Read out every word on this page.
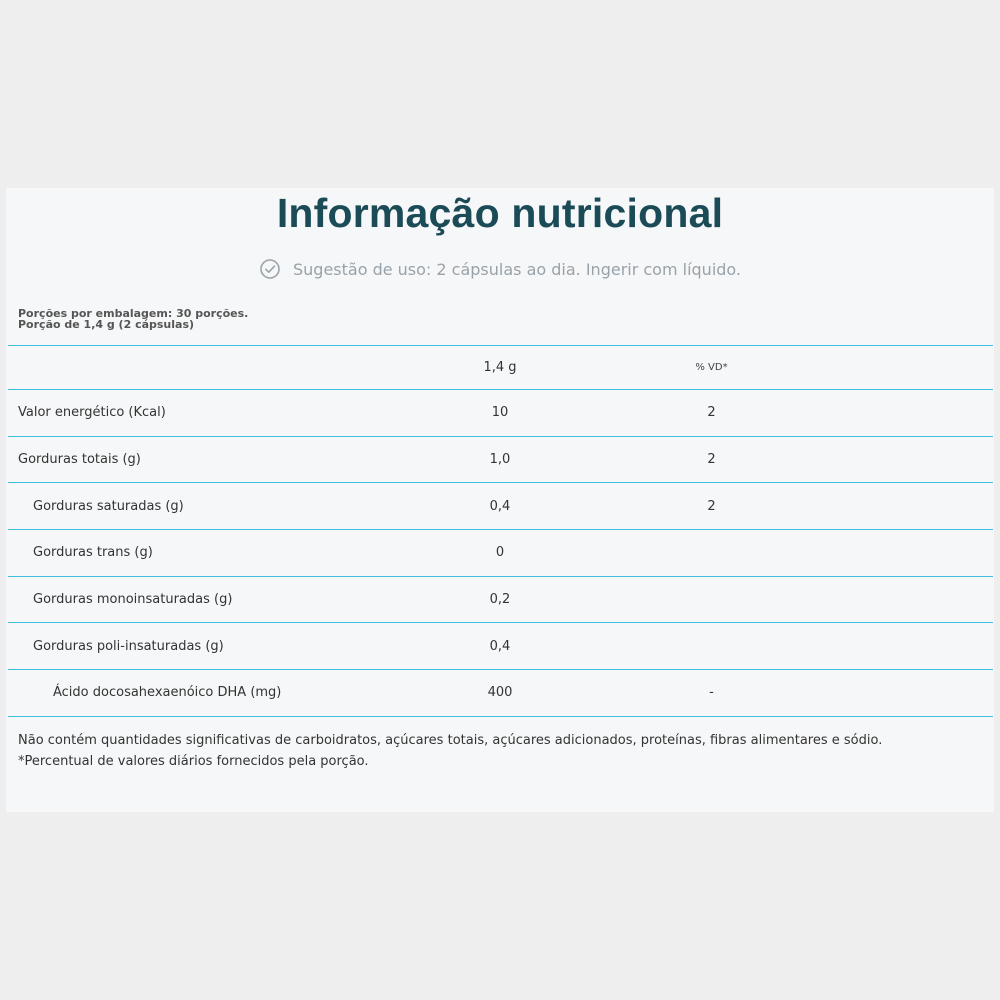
Informação nutricional
Sugestão de uso: 2 cápsulas ao dia. Ingerir com líquido.
Porções por embalagem: 30 porções.
Porção de 1,4 g (2 cápsulas)
	1,4 g	% VD*
Valor energético (Kcal)	10	2
Gorduras totais (g)	1,0	2
Gorduras saturadas (g)	0,4	2
Gorduras trans (g)	0	
Gorduras monoinsaturadas (g)	0,2	
Gorduras poli-insaturadas (g)	0,4	
Ácido docosahexaenóico DHA (mg)	400	-
Não contém quantidades significativas de carboidratos, açúcares totais, açúcares adicionados, proteínas, fibras alimentares e sódio.
*Percentual de valores diários fornecidos pela porção.
